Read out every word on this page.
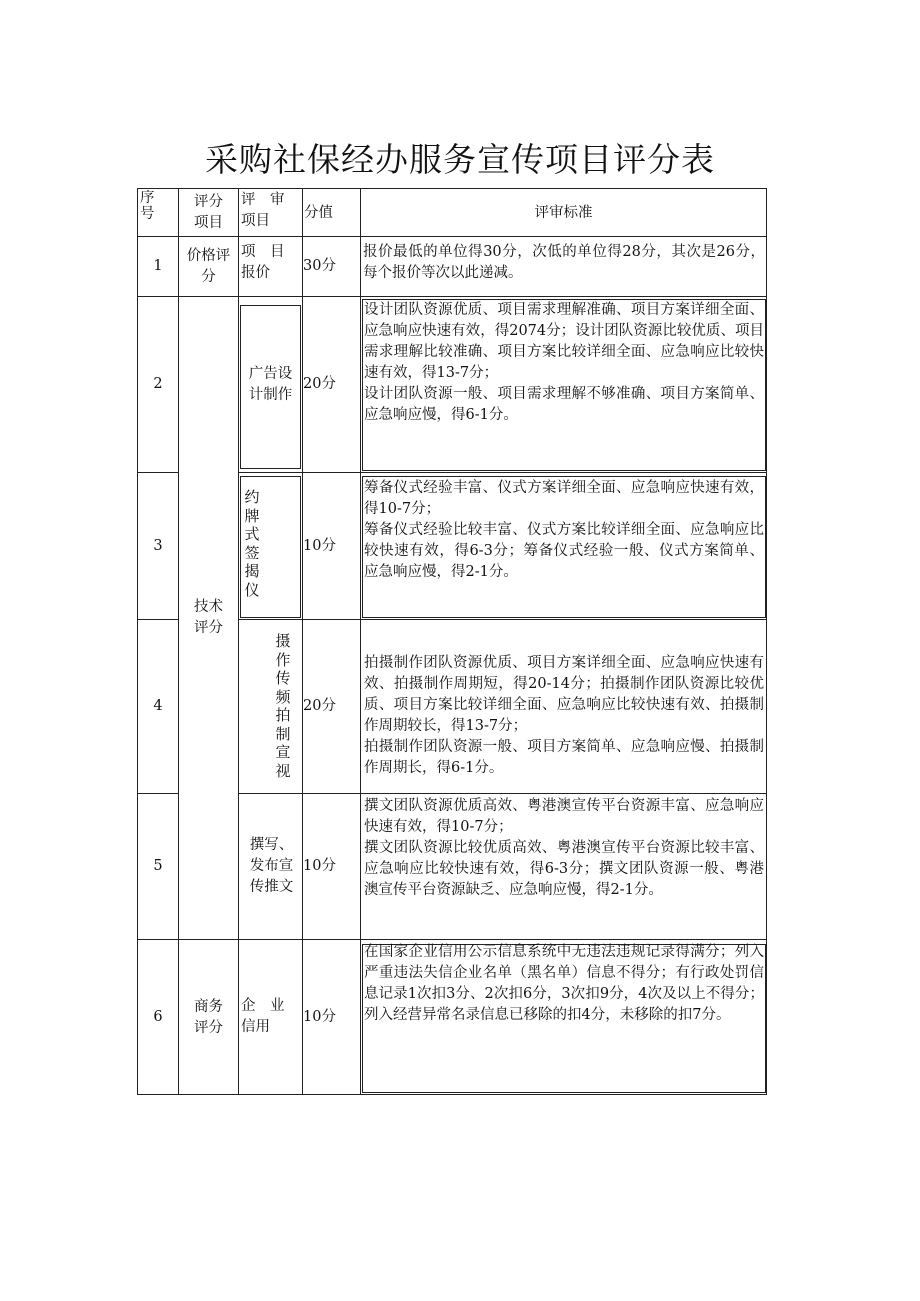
采购社保经办服务宣传项目评分表
序
号
评分
项目
评　审
项目
分值	评审标准
1
价格评
分
项　目
报价	30分
报价最低的单位得30分，次低的单位得28分，其次是26分，每个报价等次以此递减。
2
广告设
计制作
20分
设计团队资源优质、项目需求理解准确、项目方案详细全面、应急响应快速有效，得2074分；设计团队资源比较优质、项目需求理解比较准确、项目方案比较详细全面、应急响应比较快速有效，得13-7分；
设计团队资源一般、项目需求理解不够准确、项目方案简单、应急响应慢，得6-1分。
3
约牌式签揭仪
10分
筹备仪式经验丰富、仪式方案详细全面、应急响应快速有效，得10-7分；
筹备仪式经验比较丰富、仪式方案比较详细全面、应急响应比较快速有效，得6-3分；筹备仪式经验一般、仪式方案简单、应急响应慢，得2-1分。
技术
评分
4
摄作传频拍制宣视
20分
拍摄制作团队资源优质、项目方案详细全面、应急响应快速有效、拍摄制作周期短，得20-14分；拍摄制作团队资源比较优质、项目方案比较详细全面、应急响应比较快速有效、拍摄制作周期较长，得13-7分；
拍摄制作团队资源一般、项目方案简单、应急响应慢、拍摄制作周期长，得6-1分。
5
撰写、
发布宣
传推文
10分
撰文团队资源优质高效、粤港澳宣传平台资源丰富、应急响应快速有效，得10-7分；
撰文团队资源比较优质高效、粤港澳宣传平台资源比较丰富、应急响应比较快速有效，得6-3分；撰文团队资源一般、粤港澳宣传平台资源缺乏、应急响应慢，得2-1分。
6
商务
评分
企　业
信用
10分
在国家企业信用公示信息系统中无违法违规记录得满分；列入严重违法失信企业名单（黑名单）信息不得分；有行政处罚信息记录1次扣3分、2次扣6分，3次扣9分，4次及以上不得分；列入经营异常名录信息已移除的扣4分，未移除的扣7分。
